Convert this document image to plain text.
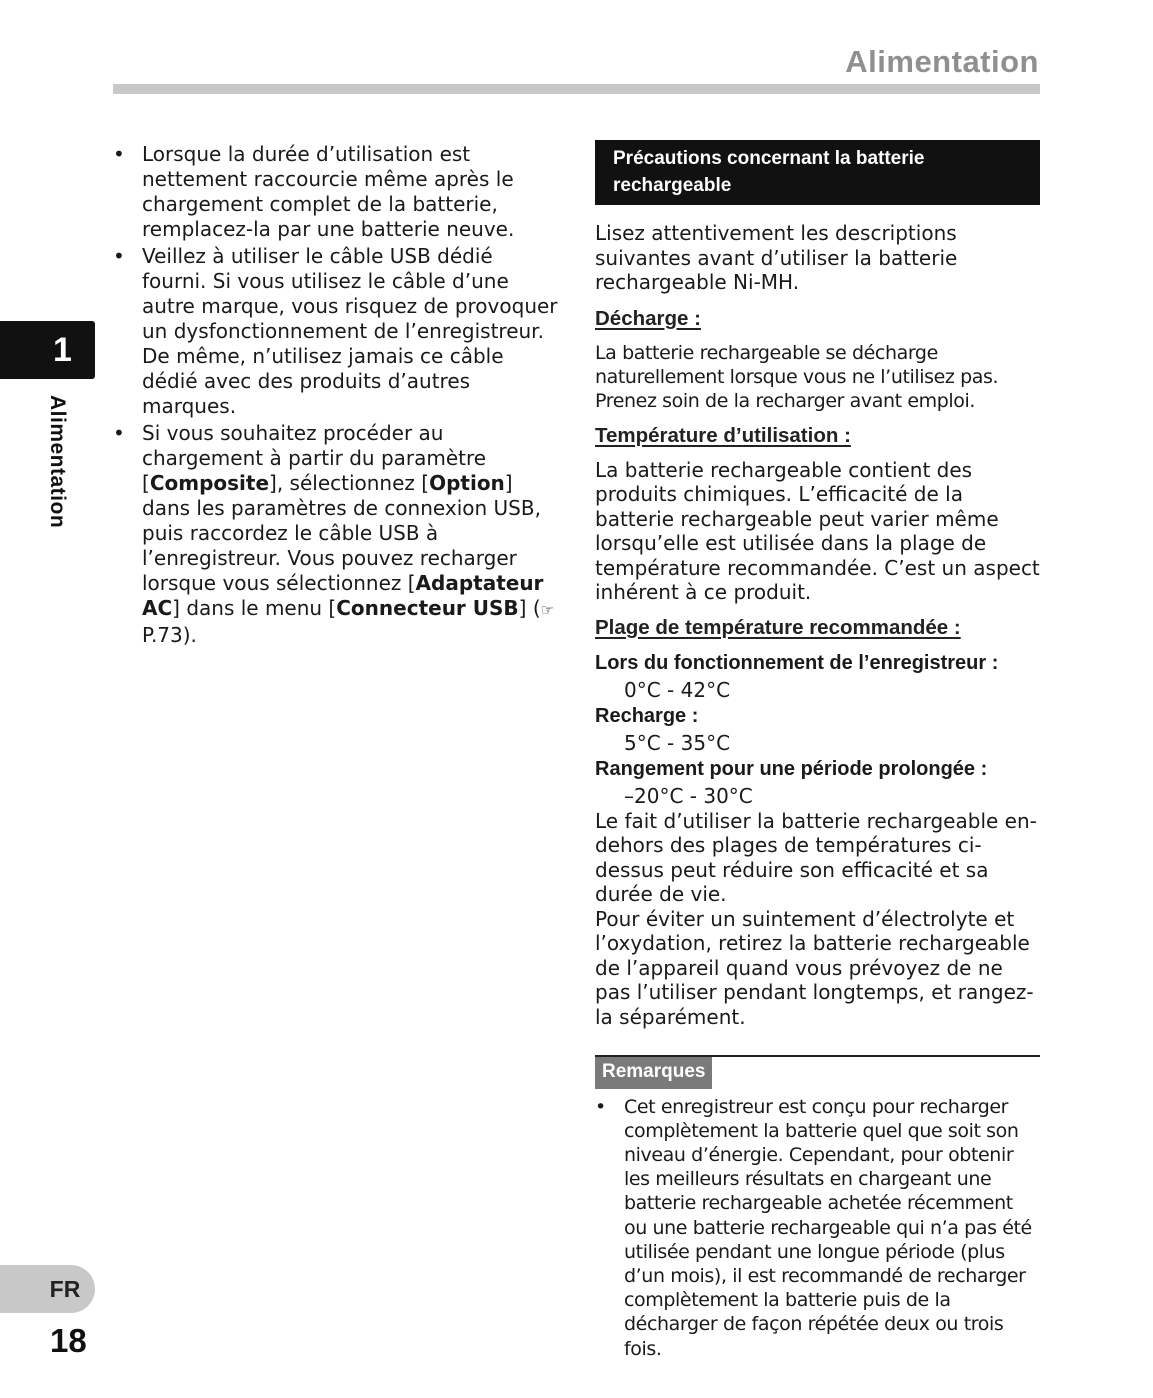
Alimentation
1
Alimentation
FR
18
• Lorsque la durée d’utilisation est nettement raccourcie même après le chargement complet de la batterie, remplacez-la par une batterie neuve.
• Veillez à utiliser le câble USB dédié fourni. Si vous utilisez le câble d’une autre marque, vous risquez de provoquer un dysfonctionnement de l’enregistreur. De même, n’utilisez jamais ce câble dédié avec des produits d’autres marques.
• Si vous souhaitez procéder au chargement à partir du paramètre [Composite], sélectionnez [Option] dans les paramètres de connexion USB, puis raccordez le câble USB à l’enregistreur. Vous pouvez recharger lorsque vous sélectionnez [Adaptateur AC] dans le menu [Connecteur USB] (☞ P.73).
Précautions concernant la batterie rechargeable

Lisez attentivement les descriptions suivantes avant d’utiliser la batterie rechargeable Ni-MH.

Décharge :

La batterie rechargeable se décharge naturellement lorsque vous ne l’utilisez pas. Prenez soin de la recharger avant emploi.

Température d’utilisation :

La batterie rechargeable contient des produits chimiques. L’efficacité de la batterie rechargeable peut varier même lorsqu’elle est utilisée dans la plage de température recommandée. C’est un aspect inhérent à ce produit.

Plage de température recommandée :
Lors du fonctionnement de l’enregistreur :
0°C - 42°C
Recharge :
5°C - 35°C
Rangement pour une période prolongée :
–20°C - 30°C

Le fait d’utiliser la batterie rechargeable en-dehors des plages de températures ci-dessus peut réduire son efficacité et sa durée de vie.

Pour éviter un suintement d’électrolyte et l’oxydation, retirez la batterie rechargeable de l’appareil quand vous prévoyez de ne pas l’utiliser pendant longtemps, et rangez-la séparément.

Remarques
• Cet enregistreur est conçu pour recharger complètement la batterie quel que soit son niveau d’énergie. Cependant, pour obtenir les meilleurs résultats en chargeant une batterie rechargeable achetée récemment ou une batterie rechargeable qui n’a pas été utilisée pendant une longue période (plus d’un mois), il est recommandé de recharger complètement la batterie puis de la décharger de façon répétée deux ou trois fois.
